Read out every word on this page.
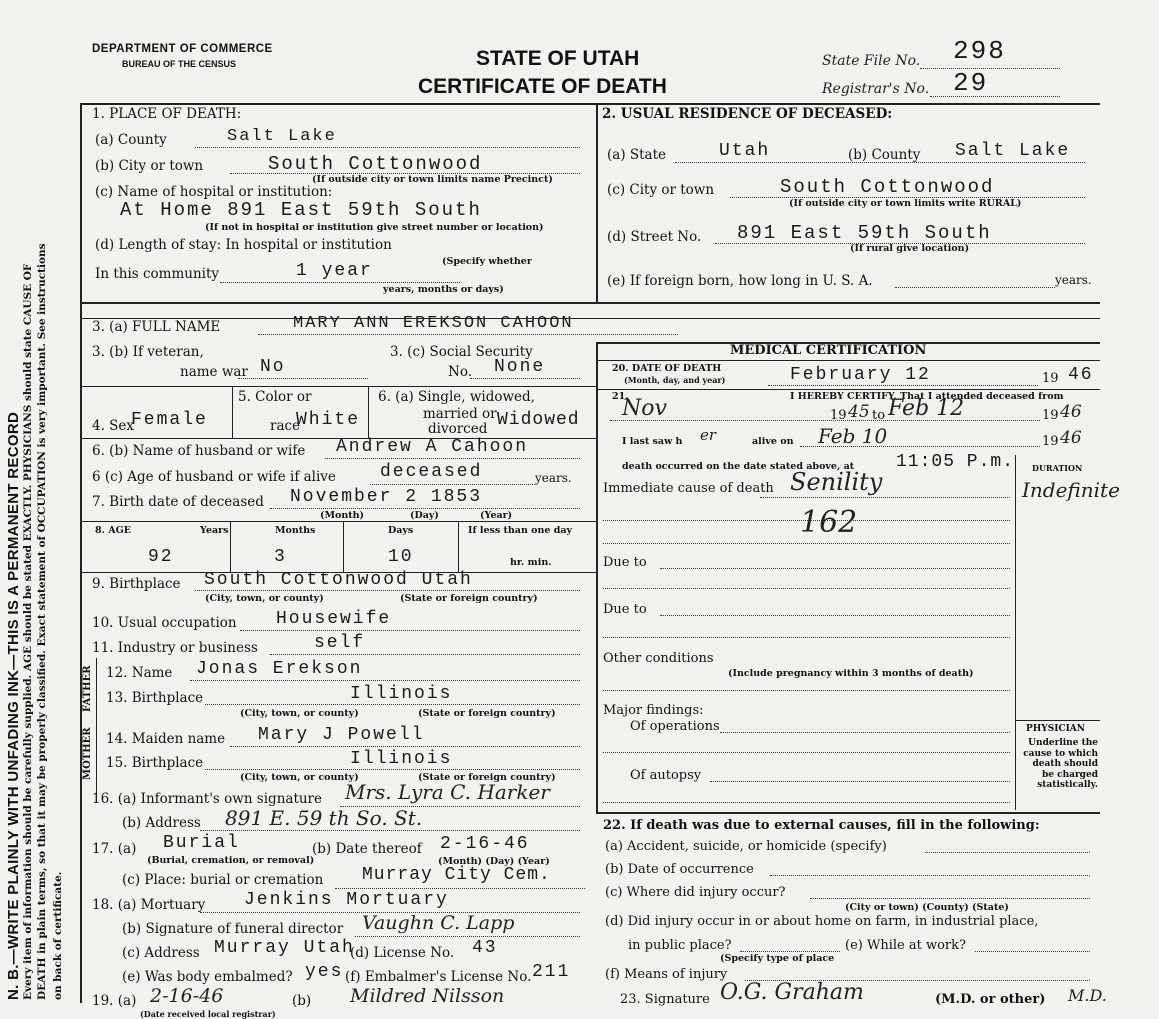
N. B.—WRITE PLAINLY WITH UNFADING INK—THIS IS A PERMANENT RECORD Every item of information should be carefully supplied. AGE should be stated EXACTLY. PHYSICIANS should state CAUSE OF DEATH in plain terms, so that it may be properly classified. Exact statement of OCCUPATION is very important. See instructions on back of certificate.
DEPARTMENT OF COMMERCE
BUREAU OF THE CENSUS	STATE OF UTAH
CERTIFICATE OF DEATH
State File No. 298
Registrar's No. 29
1. PLACE OF DEATH:
(a) County	Salt Lake
(b) City or town	South Cottonwood
(If outside city or town limits name Precinct)
(c) Name of hospital or institution:
At Home 891 East 59th South
(If not in hospital or institution give street number or location)
(d) Length of stay: In hospital or institution
(Specify whether
In this community	1 year
years, months or days)
2. USUAL RESIDENCE OF DECEASED:
(a) State	Utah	(b) County Salt Lake
(c) City or town	South Cottonwood
(If outside city or town limits write RURAL)
(d) Street No. 891 East 59th South
(If rural give location)
(e) If foreign born, how long in U. S. A.	years.
3. (a) FULL NAME	MARY ANN EREKSON CAHOON
3. (b) If veteran,
name war No
3. (c) Social Security
No. None
4. Sex
Female
5. Color or
race
White
6. (a) Single, widowed,
married or
divorced Widowed
6. (b) Name of husband or wife Andrew A Cahoon
6 (c) Age of husband or wife if alive deceased	years.
7. Birth date of deceased November 2 1853
(Month)	(Day)	(Year)
8. AGE	Years	Months	Days	If less than one day
92	3	10	hr. min.
9. Birthplace South Cottonwood Utah
(City, town, or county)	(State or foreign country)
10. Usual occupation Housewife
11. Industry or business	self
FATHER
MOTHER
12. Name Jonas Erekson
13. Birthplace	Illinois
(City, town, or county)	(State or foreign country)
14. Maiden name Mary J Powell
15. Birthplace	Illinois
(City, town, or county)	(State or foreign country)
16. (a) Informant's own signature Mrs. Lyra C. Harker
(b) Address 891 E. 59 th So. St.
17. (a) Burial
(Burial, cremation, or removal)
(b) Date thereof 2-16-46
(Month) (Day) (Year)
(c) Place: burial or cremation Murray City Cem.
18. (a) Mortuary Jenkins Mortuary
(b) Signature of funeral director Vaughn C. Lapp
(c) Address Murray Utah
(d) License No. 43
(e) Was body embalmed? yes (f) Embalmer's License No. 211
19. (a) 2-16-46	(b) Mildred Nilsson
(Date received local registrar)
MEDICAL CERTIFICATION
20. DATE OF DEATH
(Month, day, and year)	February 12	19 46
21.	I HEREBY CERTIFY, That I attended deceased from
Nov	19 45 to Feb 12	19 46
I last saw h er	alive on Feb 10	19 46
death occurred on the date stated above, at 11:05 P.m. DURATION
Immediate cause of death Senility	Indefinite
162
Due to
Due to
Other conditions
(Include pregnancy within 3 months of death)
Major findings:
Of operations
Of autopsy
PHYSICIAN
Underline the cause to which death should be charged statistically.
22. If death was due to external causes, fill in the following:
(a) Accident, suicide, or homicide (specify)
(b) Date of occurrence
(c) Where did injury occur?
(City or town) (County) (State)
(d) Did injury occur in or about home on farm, in industrial place,
in public place?
(Specify type of place
(e) While at work?
(f) Means of injury
23. Signature O.G. Graham	(M.D. or other) M.D.
